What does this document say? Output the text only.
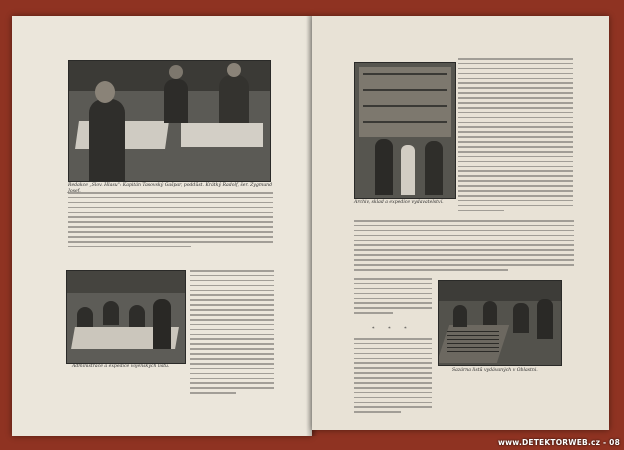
Redakce „Slov. Hlasu": Kapitán Tasovský Gašpar, poddůst. Krátký Radolf, šer. Zygmund
Administrace a expedice vojenských listů.
Archiv, sklad a expedice vydavatelství.
* * *
Sazárna listů vydávaných v Oblastni.
www.DETEKTORWEB.cz - 08
